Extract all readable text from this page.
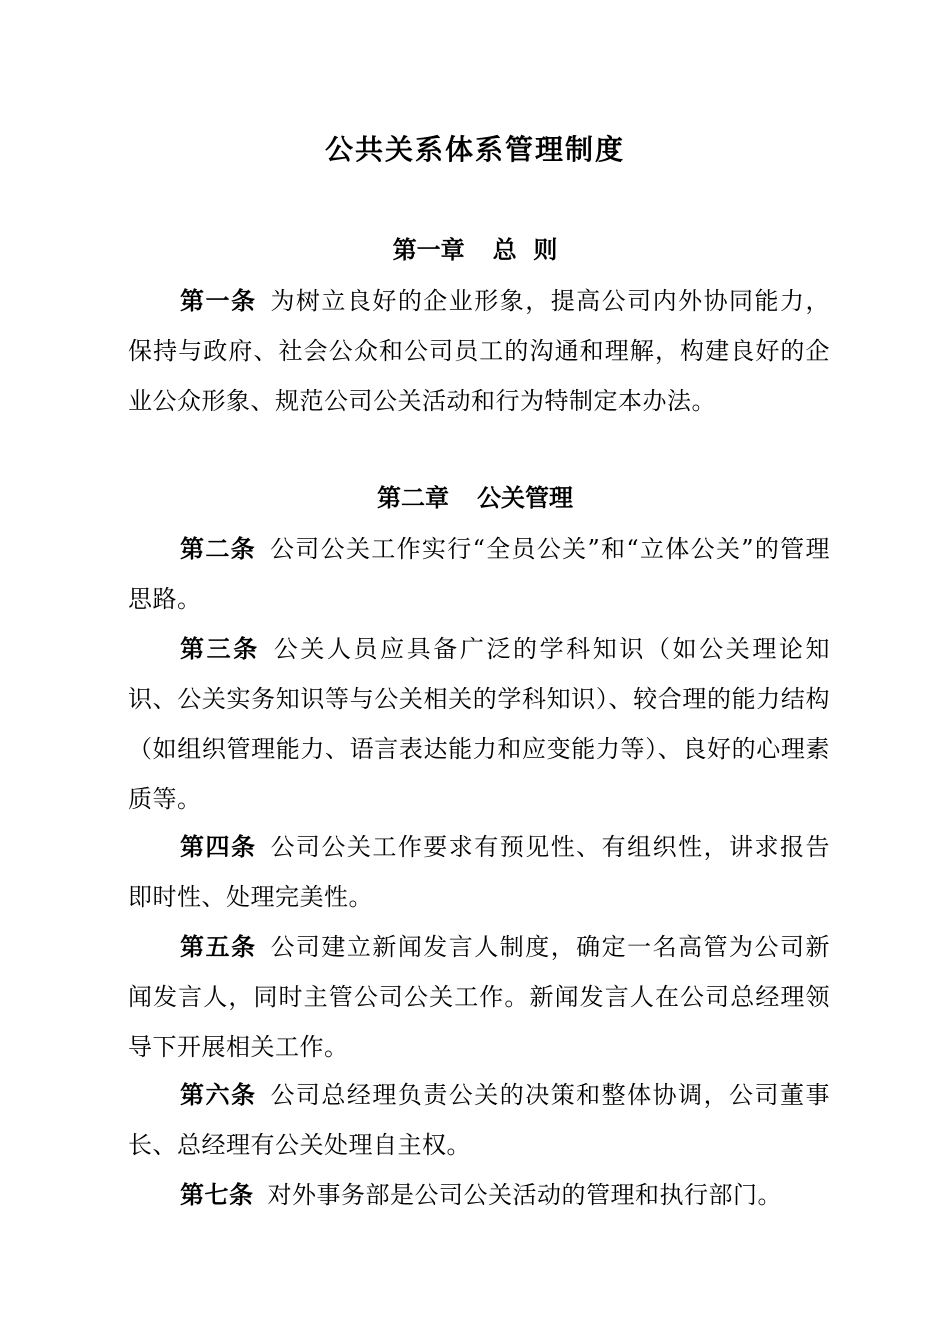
公共关系体系管理制度
第一章 总  则
第一条 为树立良好的企业形象，提高公司内外协同能力，保持与政府、社会公众和公司员工的沟通和理解，构建良好的企业公众形象、规范公司公关活动和行为特制定本办法。
第二章 公关管理
第二条 公司公关工作实行“全员公关”和“立体公关”的管理思路。
第三条 公关人员应具备广泛的学科知识（如公关理论知识、公关实务知识等与公关相关的学科知识）、较合理的能力结构（如组织管理能力、语言表达能力和应变能力等）、良好的心理素质等。
第四条 公司公关工作要求有预见性、有组织性，讲求报告即时性、处理完美性。
第五条 公司建立新闻发言人制度，确定一名高管为公司新闻发言人，同时主管公司公关工作。新闻发言人在公司总经理领导下开展相关工作。
第六条 公司总经理负责公关的决策和整体协调，公司董事长、总经理有公关处理自主权。
第七条 对外事务部是公司公关活动的管理和执行部门。
